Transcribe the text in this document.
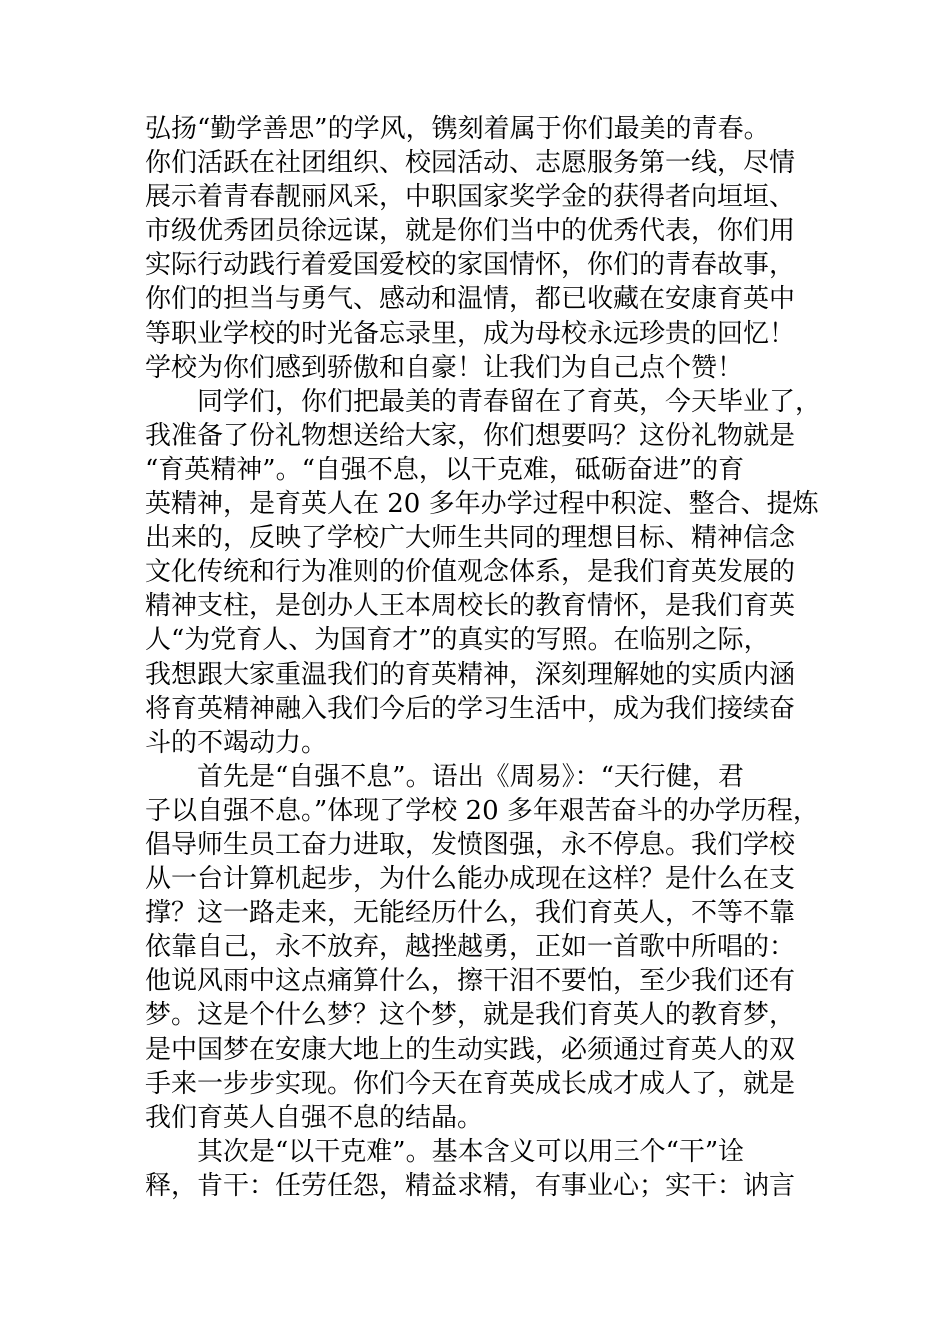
弘扬“勤学善思”的学风，镌刻着属于你们最美的青春。
你们活跃在社团组织、校园活动、志愿服务第一线，尽情
展示着青春靓丽风采，中职国家奖学金的获得者向垣垣、
市级优秀团员徐远谋，就是你们当中的优秀代表，你们用
实际行动践行着爱国爱校的家国情怀，你们的青春故事，
你们的担当与勇气、感动和温情，都已收藏在安康育英中
等职业学校的时光备忘录里，成为母校永远珍贵的回忆！
学校为你们感到骄傲和自豪！让我们为自己点个赞！
同学们，你们把最美的青春留在了育英，今天毕业了，
我准备了份礼物想送给大家，你们想要吗？这份礼物就是
“育英精神”。“自强不息，以干克难，砥砺奋进”的育
英精神，是育英人在 20 多年办学过程中积淀、整合、提炼
出来的，反映了学校广大师生共同的理想目标、精神信念
文化传统和行为准则的价值观念体系，是我们育英发展的
精神支柱，是创办人王本周校长的教育情怀，是我们育英
人“为党育人、为国育才”的真实的写照。在临别之际，
我想跟大家重温我们的育英精神，深刻理解她的实质内涵
将育英精神融入我们今后的学习生活中，成为我们接续奋
斗的不竭动力。
首先是“自强不息”。语出《周易》：“天行健，君
子以自强不息。”体现了学校 20 多年艰苦奋斗的办学历程，
倡导师生员工奋力进取，发愤图强，永不停息。我们学校
从一台计算机起步，为什么能办成现在这样？是什么在支
撑？这一路走来，无能经历什么，我们育英人，不等不靠
依靠自己，永不放弃，越挫越勇，正如一首歌中所唱的：
他说风雨中这点痛算什么，擦干泪不要怕，至少我们还有
梦。这是个什么梦？这个梦，就是我们育英人的教育梦，
是中国梦在安康大地上的生动实践，必须通过育英人的双
手来一步步实现。你们今天在育英成长成才成人了，就是
我们育英人自强不息的结晶。
其次是“以干克难”。基本含义可以用三个“干”诠
释，肯干：任劳任怨，精益求精，有事业心；实干：讷言
